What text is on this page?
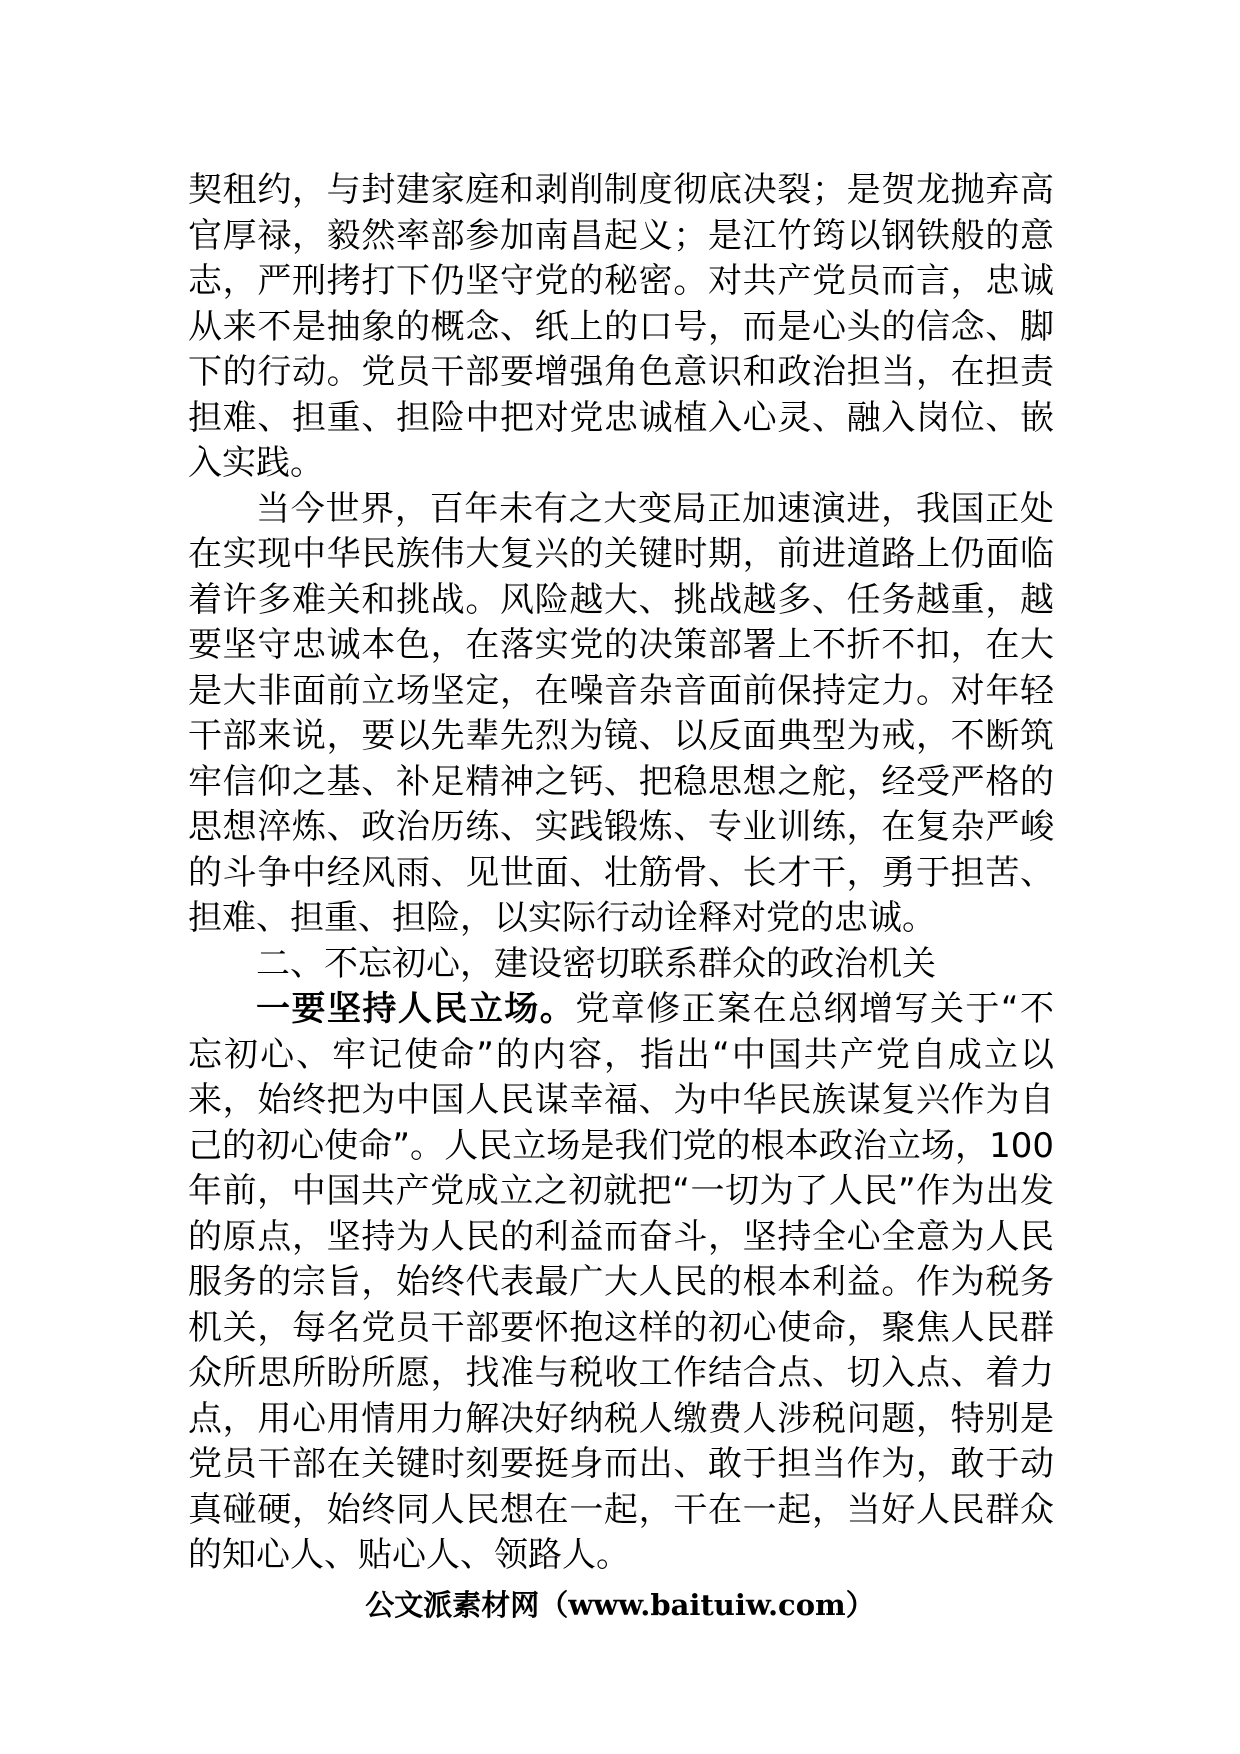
契租约，与封建家庭和剥削制度彻底决裂；是贺龙抛弃高官厚禄，毅然率部参加南昌起义；是江竹筠以钢铁般的意志，严刑拷打下仍坚守党的秘密。对共产党员而言，忠诚从来不是抽象的概念、纸上的口号，而是心头的信念、脚下的行动。党员干部要增强角色意识和政治担当，在担责担难、担重、担险中把对党忠诚植入心灵、融入岗位、嵌入实践。

当今世界，百年未有之大变局正加速演进，我国正处在实现中华民族伟大复兴的关键时期，前进道路上仍面临着许多难关和挑战。风险越大、挑战越多、任务越重，越要坚守忠诚本色，在落实党的决策部署上不折不扣，在大是大非面前立场坚定，在噪音杂音面前保持定力。对年轻干部来说，要以先辈先烈为镜、以反面典型为戒，不断筑牢信仰之基、补足精神之钙、把稳思想之舵，经受严格的思想淬炼、政治历练、实践锻炼、专业训练，在复杂严峻的斗争中经风雨、见世面、壮筋骨、长才干，勇于担苦、担难、担重、担险，以实际行动诠释对党的忠诚。

二、不忘初心，建设密切联系群众的政治机关

一要坚持人民立场。党章修正案在总纲增写关于“不忘初心、牢记使命”的内容，指出“中国共产党自成立以来，始终把为中国人民谋幸福、为中华民族谋复兴作为自己的初心使命”。人民立场是我们党的根本政治立场，100年前，中国共产党成立之初就把“一切为了人民”作为出发的原点，坚持为人民的利益而奋斗，坚持全心全意为人民服务的宗旨，始终代表最广大人民的根本利益。作为税务机关，每名党员干部要怀抱这样的初心使命，聚焦人民群众所思所盼所愿，找准与税收工作结合点、切入点、着力点，用心用情用力解决好纳税人缴费人涉税问题，特别是党员干部在关键时刻要挺身而出、敢于担当作为，敢于动真碰硬，始终同人民想在一起，干在一起，当好人民群众的知心人、贴心人、领路人。

公文派素材网（www.baituiw.com）
